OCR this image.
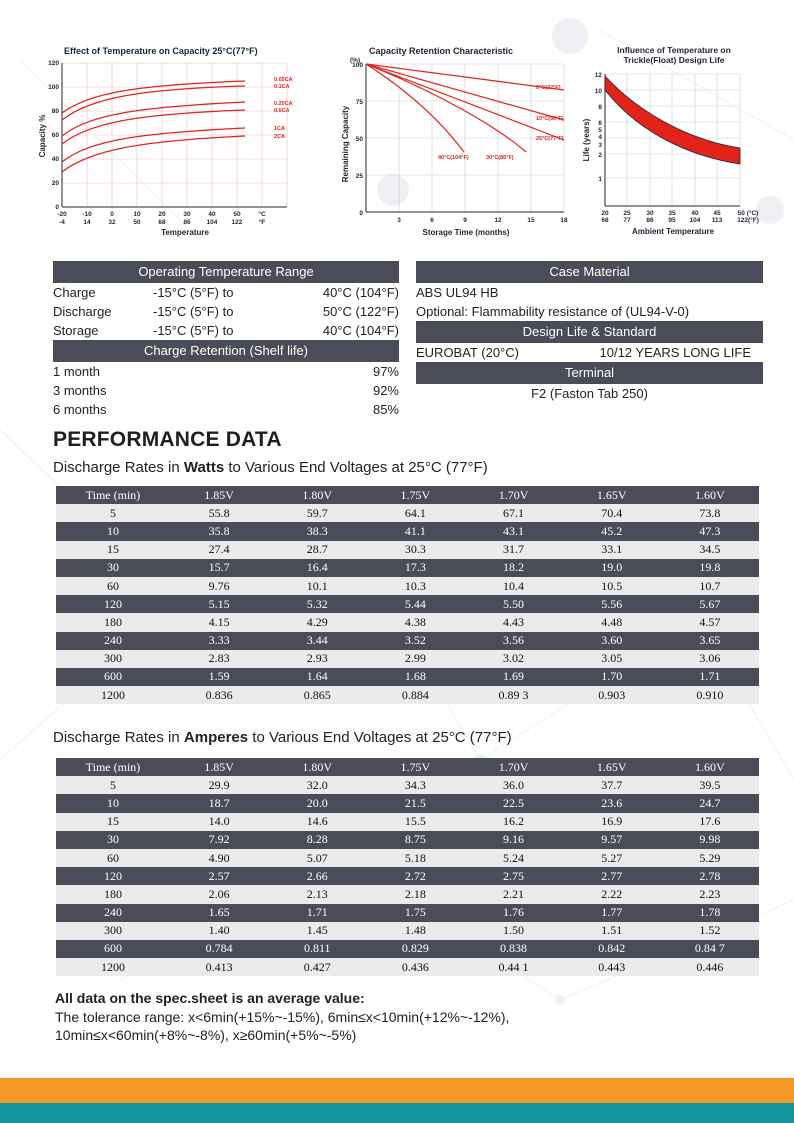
Effect of Temperature on Capacity 25°C(77°F)
0.05CA
0.1CA
0.25CA
0.6CA
1CA
2CA
0
20
40
60
80
100
120
-20 -10	0	10	20	30	40	50	°C
-4	14	32	50	68	86 104 122	°F
Temperature
Capacity %
Capacity Retention Characteristic
(%)
0°C(32°F)
10°C(50°F)
25°C(77°F)
40°C(104°F)	30°C(86°F)
0
25
50
75
100
3	6	9	12	15	18
Storage Time (months)
Remaining Capacity
Influence of Temperature on
Trickle(Float) Design Life
1
2
3
4
5
6
8
10
12
20 25 30 35 40 45	50 (°C)
68 77 86 95 104 113 122(°F)
Ambient Temperature
Life (years)
Operating Temperature Range
Charge	-15°C (5°F) to	40°C (104°F)
Discharge	-15°C (5°F) to	50°C (122°F)
Storage	-15°C (5°F) to	40°C (104°F)
Charge Retention (Shelf life)
1 month	97%
3 months	92%
6 months	85%
Case Material
ABS UL94 HB
Optional: Flammability resistance of (UL94-V-0)
Design Life & Standard
EUROBAT (20°C)	10/12 YEARS LONG LIFE
Terminal
F2 (Faston Tab 250)
PERFORMANCE DATA
Discharge Rates in Watts to Various End Voltages at 25°C (77°F)
Time (min)	1.85V	1.80V	1.75V	1.70V	1.65V	1.60V
5	55.8	59.7	64.1	67.1	70.4	73.8
10	35.8	38.3	41.1	43.1	45.2	47.3
15	27.4	28.7	30.3	31.7	33.1	34.5
30	15.7	16.4	17.3	18.2	19.0	19.8
60	9.76	10.1	10.3	10.4	10.5	10.7
120	5.15	5.32	5.44	5.50	5.56	5.67
180	4.15	4.29	4.38	4.43	4.48	4.57
240	3.33	3.44	3.52	3.56	3.60	3.65
300	2.83	2.93	2.99	3.02	3.05	3.06
600	1.59	1.64	1.68	1.69	1.70	1.71
1200	0.836	0.865	0.884	0.89 3	0.903	0.910
Discharge Rates in Amperes to Various End Voltages at 25°C (77°F)
Time (min)	1.85V	1.80V	1.75V	1.70V	1.65V	1.60V
5	29.9	32.0	34.3	36.0	37.7	39.5
10	18.7	20.0	21.5	22.5	23.6	24.7
15	14.0	14.6	15.5	16.2	16.9	17.6
30	7.92	8.28	8.75	9.16	9.57	9.98
60	4.90	5.07	5.18	5.24	5.27	5.29
120	2.57	2.66	2.72	2.75	2.77	2.78
180	2.06	2.13	2.18	2.21	2.22	2.23
240	1.65	1.71	1.75	1.76	1.77	1.78
300	1.40	1.45	1.48	1.50	1.51	1.52
600	0.784	0.811	0.829	0.838	0.842	0.84 7
1200	0.413	0.427	0.436	0.44 1	0.443	0.446
All data on the spec.sheet is an average value:
The tolerance range: x<6min(+15%~-15%), 6min≤x<10min(+12%~-12%),
10min≤x<60min(+8%~-8%), x≥60min(+5%~-5%)
